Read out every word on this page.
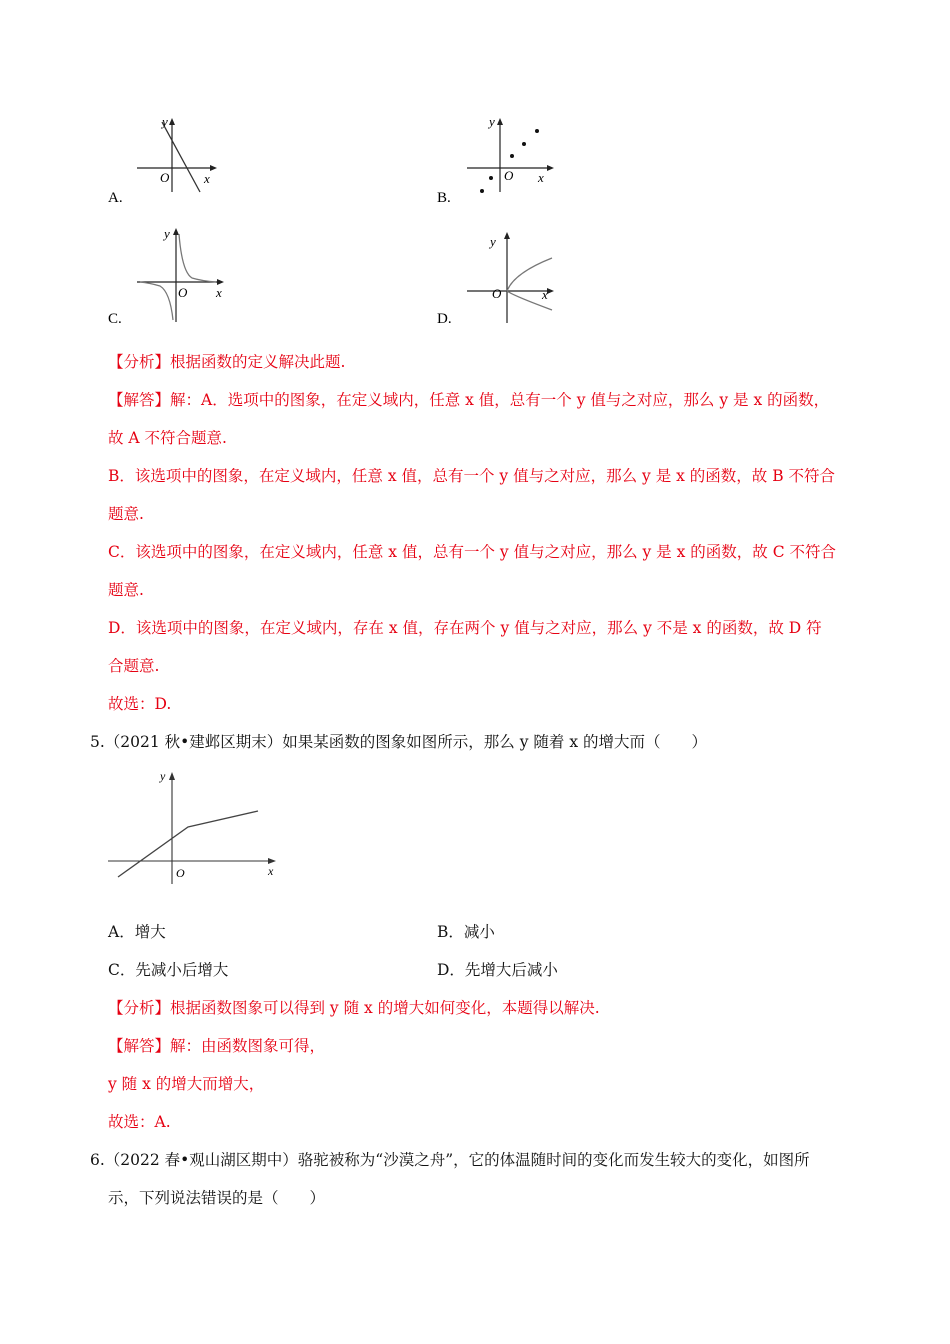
y
O	x
A.
y
O x
B.
y
O x
C.
y
O	x
D.
【分析】根据函数的定义解决此题.
【解答】解：A．选项中的图象，在定义域内，任意 x 值，总有一个 y 值与之对应，那么 y 是 x 的函数，
故 A 不符合题意.
B．该选项中的图象，在定义域内，任意 x 值，总有一个 y 值与之对应，那么 y 是 x 的函数，故 B 不符合
题意.
C．该选项中的图象，在定义域内，任意 x 值，总有一个 y 值与之对应，那么 y 是 x 的函数，故 C 不符合
题意.
D．该选项中的图象，在定义域内，存在 x 值，存在两个 y 值与之对应，那么 y 不是 x 的函数，故 D 符
合题意.
故选：D.
5.（2021 秋•建邺区期末）如果某函数的图象如图所示，那么 y 随着 x 的增大而（　　）
y
O	x
A．增大	B．减小
C．先减小后增大	D．先增大后减小
【分析】根据函数图象可以得到 y 随 x 的增大如何变化，本题得以解决.
【解答】解：由函数图象可得，
y 随 x 的增大而增大，
故选：A.
6.（2022 春•观山湖区期中）骆驼被称为“沙漠之舟”，它的体温随时间的变化而发生较大的变化，如图所
示，下列说法错误的是（　　）
